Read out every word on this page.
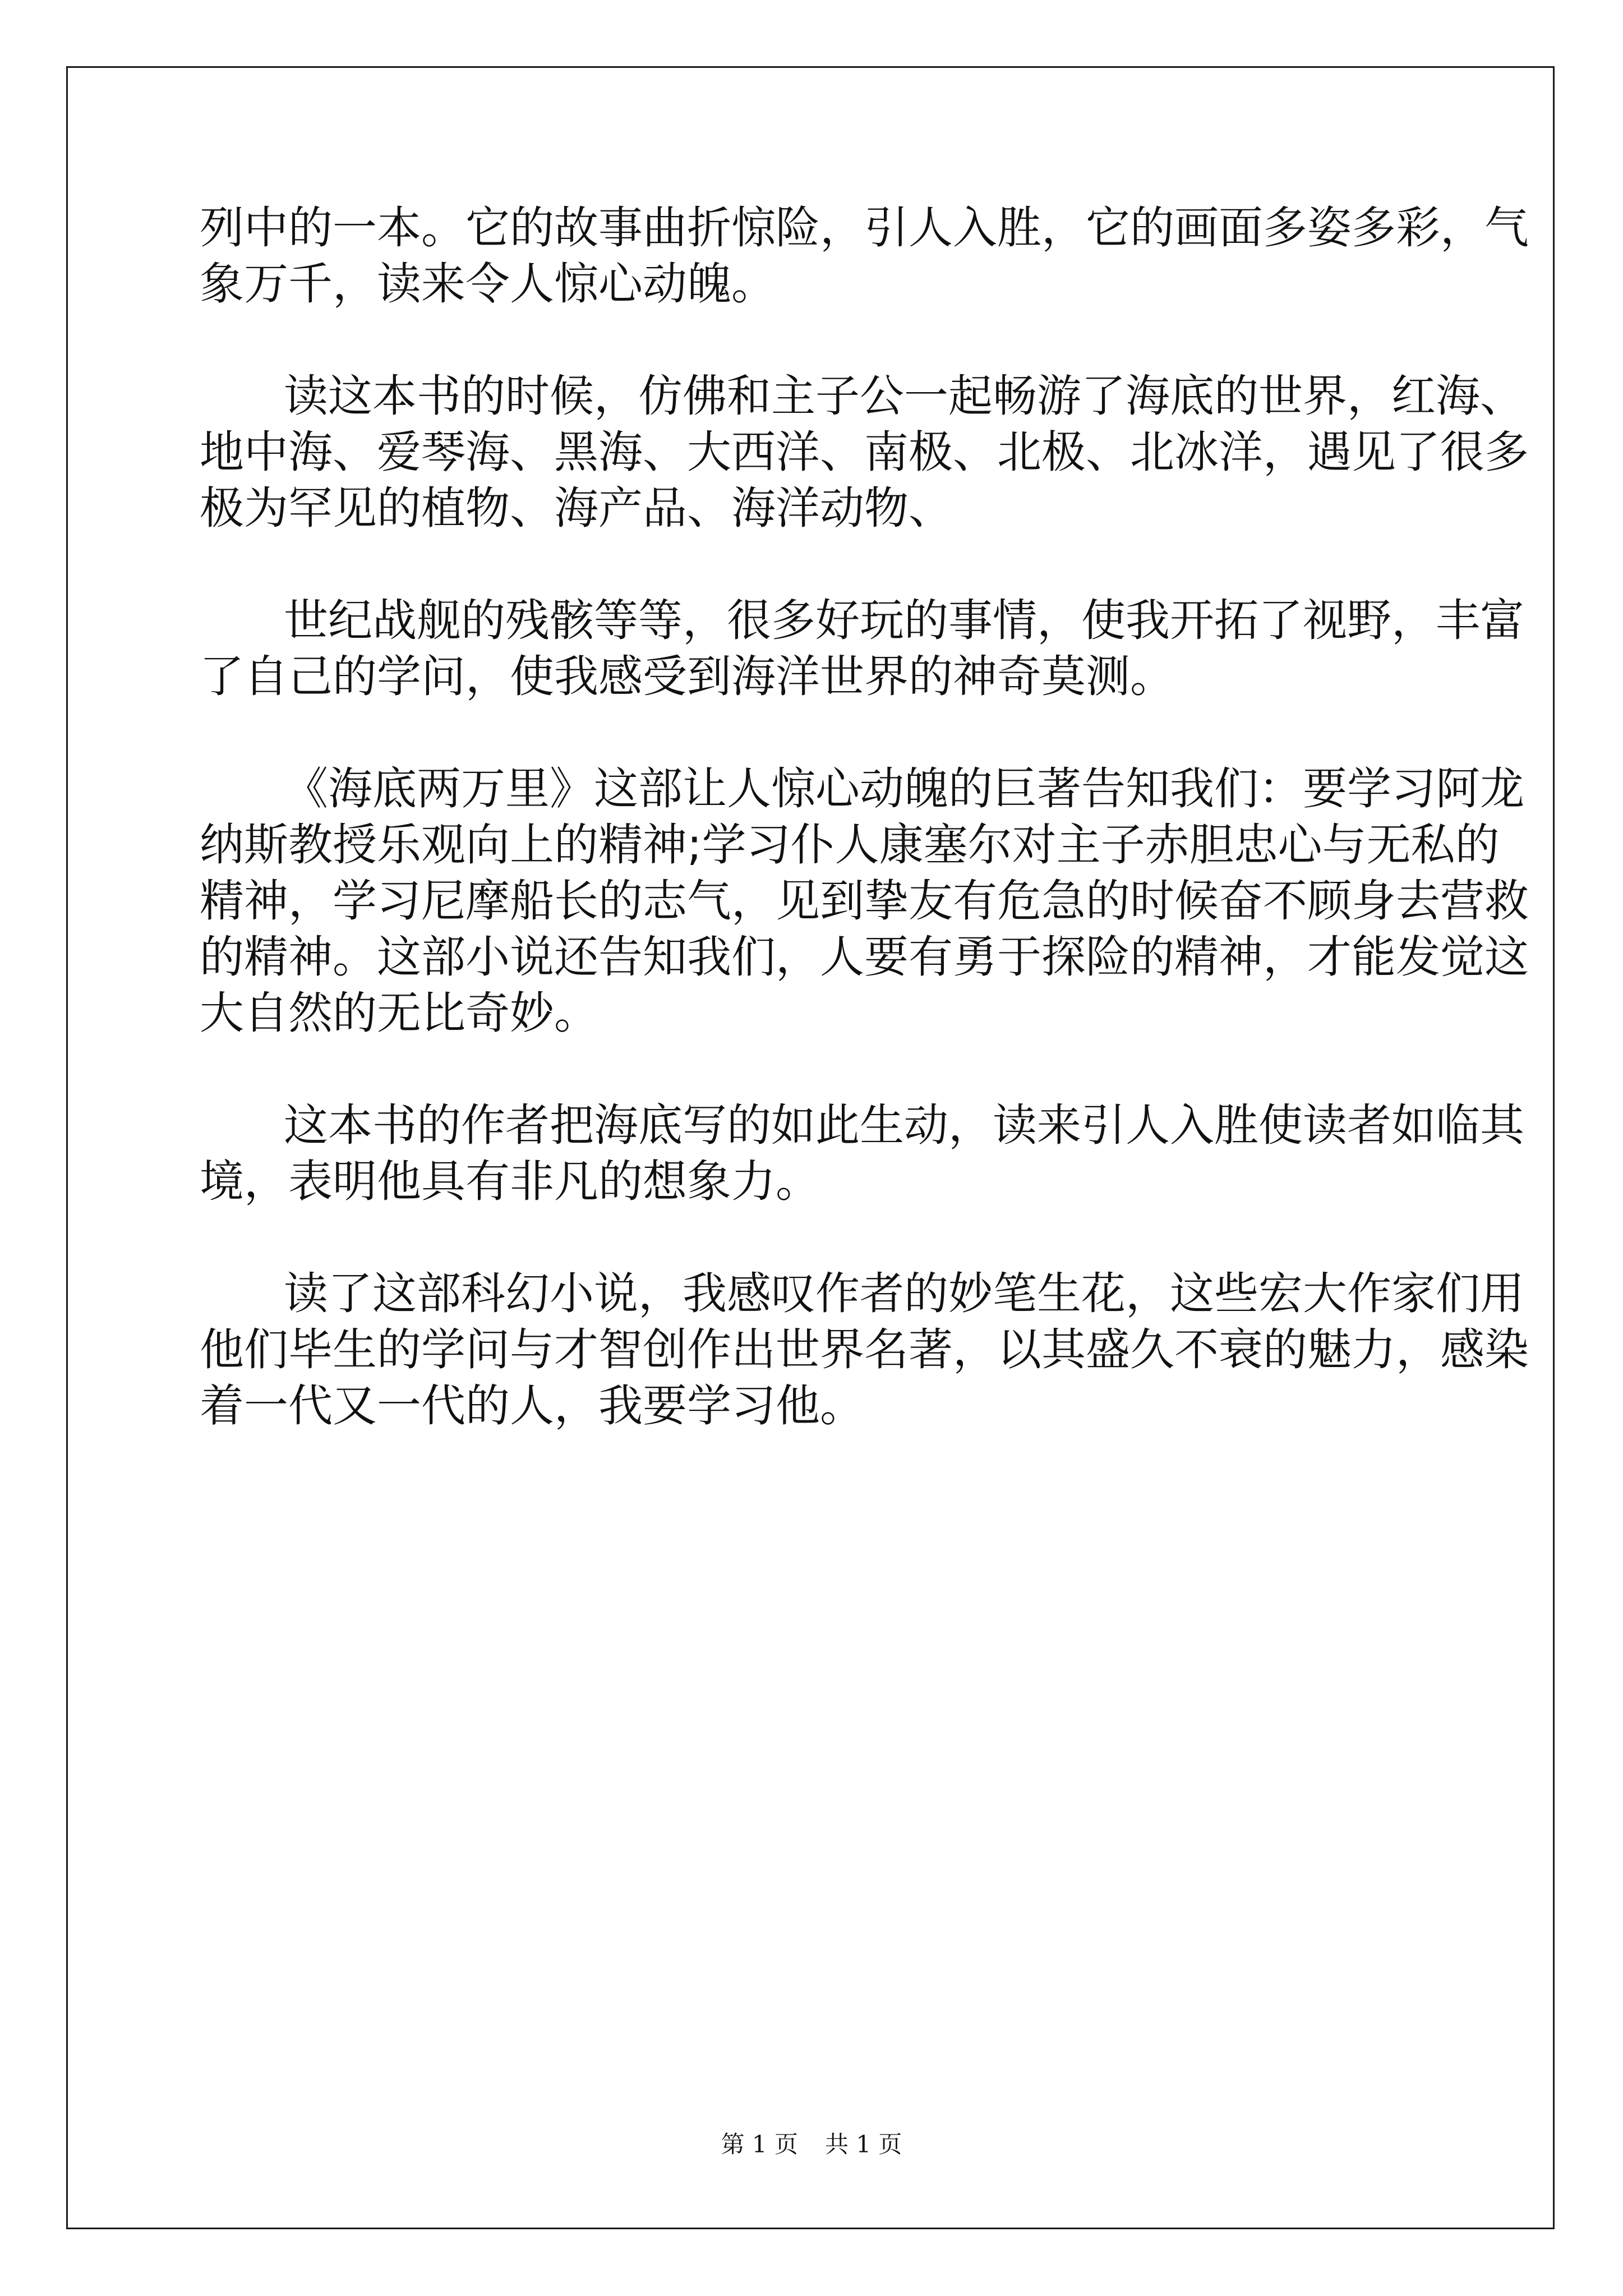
列中的一本。它的故事曲折惊险，引人入胜，它的画面多姿多彩，气
象万千，读来令人惊心动魄。
读这本书的时候，仿佛和主子公一起畅游了海底的世界，红海、
地中海、爱琴海、黑海、大西洋、南极、北极、北冰洋，遇见了很多
极为罕见的植物、海产品、海洋动物、
世纪战舰的残骸等等，很多好玩的事情，使我开拓了视野，丰富
了自己的学问，使我感受到海洋世界的神奇莫测。
《海底两万里》这部让人惊心动魄的巨著告知我们：要学习阿龙
纳斯教授乐观向上的精神;学习仆人康塞尔对主子赤胆忠心与无私的
精神，学习尼摩船长的志气，见到挚友有危急的时候奋不顾身去营救
的精神。这部小说还告知我们，人要有勇于探险的精神，才能发觉这
大自然的无比奇妙。
这本书的作者把海底写的如此生动，读来引人入胜使读者如临其
境，表明他具有非凡的想象力。
读了这部科幻小说，我感叹作者的妙笔生花，这些宏大作家们用
他们毕生的学问与才智创作出世界名著，以其盛久不衰的魅力，感染
着一代又一代的人，我要学习他。
第 1 页 共 1 页
